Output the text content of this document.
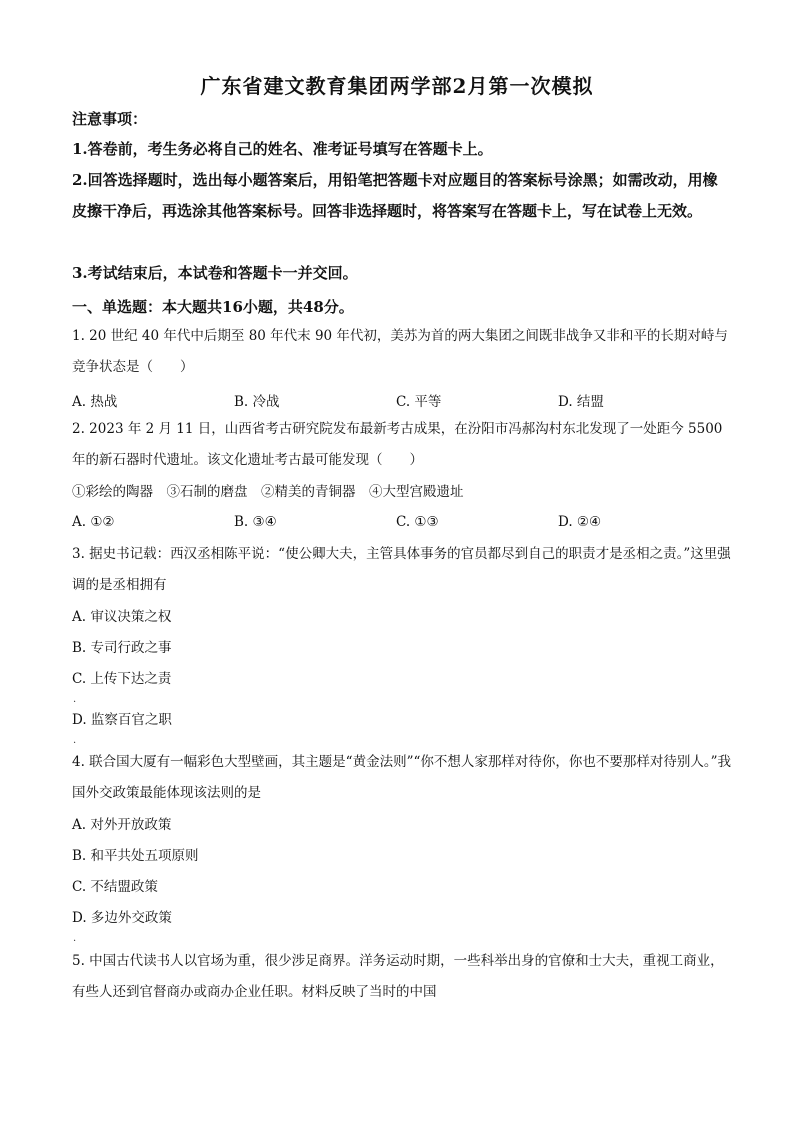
广东省建文教育集团两学部2月第一次模拟
注意事项：
1.答卷前，考生务必将自己的姓名、准考证号填写在答题卡上。
2.回答选择题时，选出每小题答案后，用铅笔把答题卡对应题目的答案标号涂黑；如需改动，用橡皮擦干净后，再选涂其他答案标号。回答非选择题时，将答案写在答题卡上，写在试卷上无效。
3.考试结束后，本试卷和答题卡一并交回。
一、单选题：本大题共16小题，共48分。
1. 20 世纪 40 年代中后期至 80 年代末 90 年代初，美苏为首的两大集团之间既非战争又非和平的长期对峙与竞争状态是（　　）
A. 热战	B. 冷战	C. 平等	D. 结盟
2. 2023 年 2 月 11 日，山西省考古研究院发布最新考古成果，在汾阳市冯郝沟村东北发现了一处距今 5500 年的新石器时代遗址。该文化遗址考古最可能发现（　　）
①彩绘的陶器　③石制的磨盘　②精美的青铜器　④大型宫殿遗址
A. ①②	B. ③④	C. ①③	D. ②④
3. 据史书记载：西汉丞相陈平说：“使公卿大夫，主管具体事务的官员都尽到自己的职责才是丞相之责。”这里强调的是丞相拥有
A. 审议决策之权
B. 专司行政之事
C. 上传下达之责
.
D. 监察百官之职
.
4. 联合国大厦有一幅彩色大型壁画，其主题是“黄金法则”“你不想人家那样对待你，你也不要那样对待别人。”我国外交政策最能体现该法则的是
A. 对外开放政策
B. 和平共处五项原则
C. 不结盟政策
D. 多边外交政策
.
5. 中国古代读书人以官场为重，很少涉足商界。洋务运动时期，一些科举出身的官僚和士大夫，重视工商业，有些人还到官督商办或商办企业任职。材料反映了当时的中国
